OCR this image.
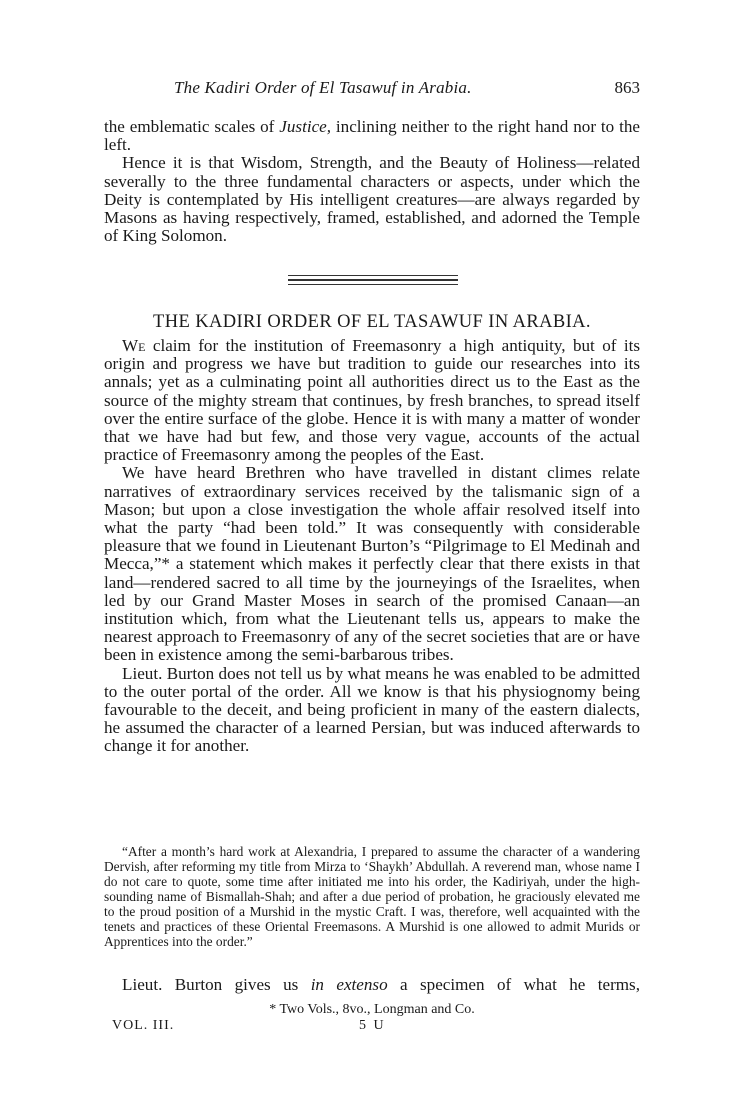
The Kadiri Order of El Tasawuf in Arabia.	863

the emblematic scales of Justice, inclining neither to the right hand nor to the left.

Hence it is that Wisdom, Strength, and the Beauty of Holiness—related severally to the three fundamental characters or aspects, under which the Deity is contemplated by His intelligent creatures—are always regarded by Masons as having respectively, framed, established, and adorned the Temple of King Solomon.

THE KADIRI ORDER OF EL TASAWUF IN ARABIA.

We claim for the institution of Freemasonry a high antiquity, but of its origin and progress we have but tradition to guide our researches into its annals; yet as a culminating point all authorities direct us to the East as the source of the mighty stream that continues, by fresh branches, to spread itself over the entire surface of the globe. Hence it is with many a matter of wonder that we have had but few, and those very vague, accounts of the actual practice of Freemasonry among the peoples of the East.

We have heard Brethren who have travelled in distant climes relate narratives of extraordinary services received by the talismanic sign of a Mason; but upon a close investigation the whole affair resolved itself into what the party “had been told.” It was consequently with considerable pleasure that we found in Lieutenant Burton’s “Pilgrimage to El Medinah and Mecca,”* a statement which makes it perfectly clear that there exists in that land—rendered sacred to all time by the journeyings of the Israelites, when led by our Grand Master Moses in search of the promised Canaan—an institution which, from what the Lieutenant tells us, appears to make the nearest approach to Freemasonry of any of the secret societies that are or have been in existence among the semi-barbarous tribes.

Lieut. Burton does not tell us by what means he was enabled to be admitted to the outer portal of the order. All we know is that his physiognomy being favourable to the deceit, and being proficient in many of the eastern dialects, he assumed the character of a learned Persian, but was induced afterwards to change it for another.

“After a month’s hard work at Alexandria, I prepared to assume the character of a wandering Dervish, after reforming my title from Mirza to ‘Shaykh’ Abdullah. A reverend man, whose name I do not care to quote, some time after initiated me into his order, the Kadiriyah, under the high-sounding name of Bismallah-Shah; and after a due period of probation, he graciously elevated me to the proud position of a Murshid in the mystic Craft. I was, therefore, well acquainted with the tenets and practices of these Oriental Freemasons. A Murshid is one allowed to admit Murids or Apprentices into the order.”
Lieut. Burton gives us in extenso a specimen of what he terms,
* Two Vols., 8vo., Longman and Co.
VOL. III.	5 U
